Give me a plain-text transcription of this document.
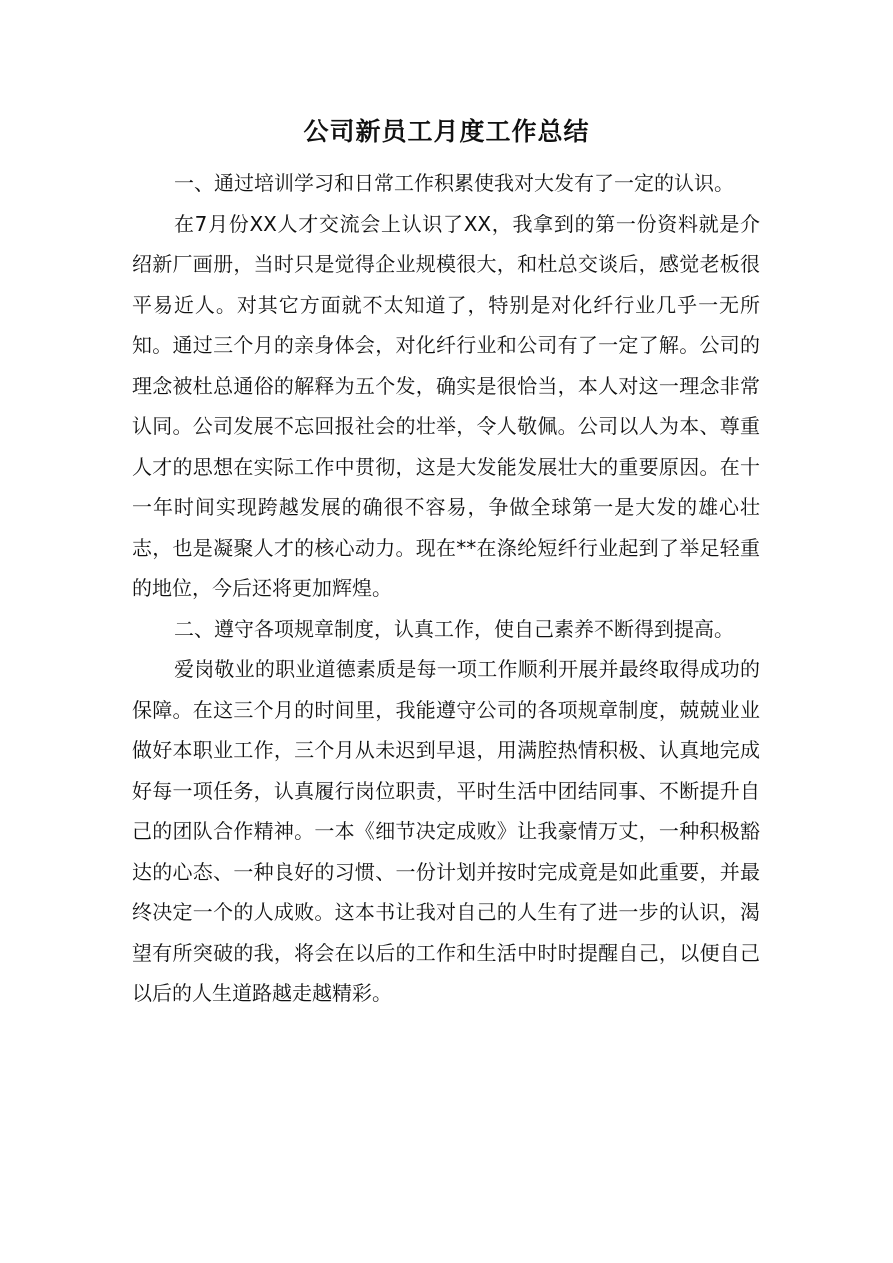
公司新员工月度工作总结

一、通过培训学习和日常工作积累使我对大发有了一定的认识。

在7月份XX人才交流会上认识了XX，我拿到的第一份资料就是介绍新厂画册，当时只是觉得企业规模很大，和杜总交谈后，感觉老板很平易近人。对其它方面就不太知道了，特别是对化纤行业几乎一无所知。通过三个月的亲身体会，对化纤行业和公司有了一定了解。公司的理念被杜总通俗的解释为五个发，确实是很恰当，本人对这一理念非常认同。公司发展不忘回报社会的壮举，令人敬佩。公司以人为本、尊重人才的思想在实际工作中贯彻，这是大发能发展壮大的重要原因。在十一年时间实现跨越发展的确很不容易，争做全球第一是大发的雄心壮志，也是凝聚人才的核心动力。现在**在涤纶短纤行业起到了举足轻重的地位，今后还将更加辉煌。

二、遵守各项规章制度，认真工作，使自己素养不断得到提高。

爱岗敬业的职业道德素质是每一项工作顺利开展并最终取得成功的保障。在这三个月的时间里，我能遵守公司的各项规章制度，兢兢业业做好本职业工作，三个月从未迟到早退，用满腔热情积极、认真地完成好每一项任务，认真履行岗位职责，平时生活中团结同事、不断提升自己的团队合作精神。一本《细节决定成败》让我豪情万丈，一种积极豁达的心态、一种良好的习惯、一份计划并按时完成竟是如此重要，并最终决定一个的人成败。这本书让我对自己的人生有了进一步的认识，渴望有所突破的我，将会在以后的工作和生活中时时提醒自己，以便自己以后的人生道路越走越精彩。
